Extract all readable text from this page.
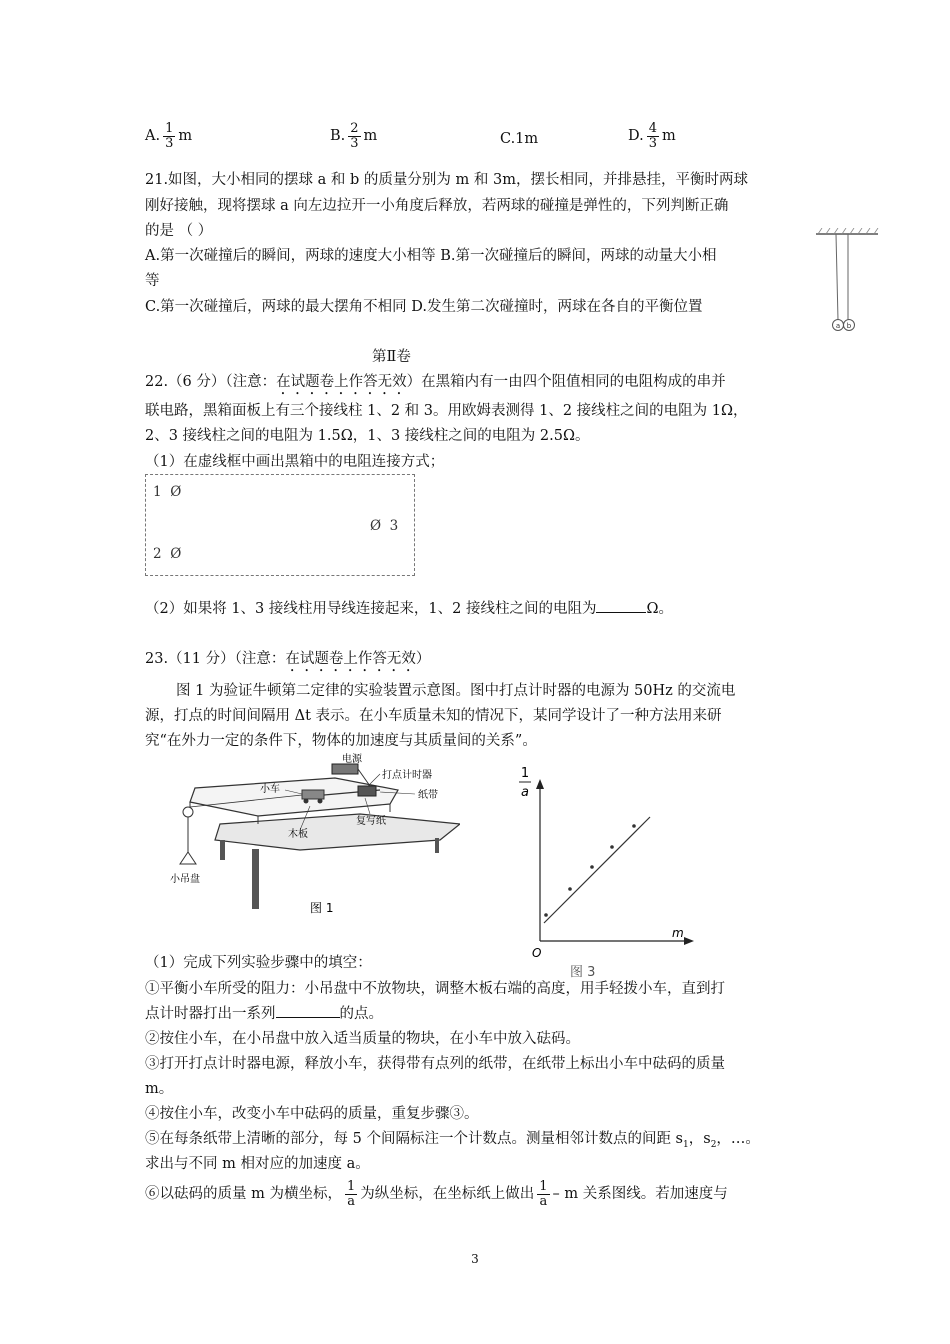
A. $\frac{1}{3}$ m	B. $\frac{2}{3}$ m	C.1m	D. $\frac{4}{3}$ m
21.如图，大小相同的摆球 a 和 b 的质量分别为 m 和 3m，摆长相同，并排悬挂，平衡时两球
刚好接触，现将摆球 a 向左边拉开一小角度后释放，若两球的碰撞是弹性的，下列判断正确
的是 （ ）
A.第一次碰撞后的瞬间，两球的速度大小相等 B.第一次碰撞后的瞬间，两球的动量大小相
等
C.第一次碰撞后，两球的最大摆角不相同 D.发生第二次碰撞时，两球在各自的平衡位置
a b
第Ⅱ卷
22.（6 分）（注意：在试题卷上作答无效）在黑箱内有一由四个阻值相同的电阻构成的串并
联电路，黑箱面板上有三个接线柱 1、2 和 3。用欧姆表测得 1、2 接线柱之间的电阻为 1Ω，
2、3 接线柱之间的电阻为 1.5Ω，1、3 接线柱之间的电阻为 2.5Ω。
（1）在虚线框中画出黑箱中的电阻连接方式；
1 Ø
Ø 3
2 Ø
（2）如果将 1、3 接线柱用导线连接起来，1、2 接线柱之间的电阻为	Ω。
23.（11 分）（注意：在试题卷上作答无效）
图 1 为验证牛顿第二定律的实验装置示意图。图中打点计时器的电源为 50Hz 的交流电
源，打点的时间间隔用 Δt 表示。在小车质量未知的情况下，某同学设计了一种方法用来研
究“在外力一定的条件下，物体的加速度与其质量间的关系”。
电源
打点计时器
小车
纸带
木板
复写纸
小吊盘
图 1
1
a
m
O
图 3
（1）完成下列实验步骤中的填空：
①平衡小车所受的阻力：小吊盘中不放物块，调整木板右端的高度，用手轻拨小车，直到打
点计时器打出一系列	的点。
②按住小车，在小吊盘中放入适当质量的物块，在小车中放入砝码。
③打开打点计时器电源，释放小车，获得带有点列的纸带，在纸带上标出小车中砝码的质量
m。
④按住小车，改变小车中砝码的质量，重复步骤③。
⑤在每条纸带上清晰的部分，每 5 个间隔标注一个计数点。测量相邻计数点的间距 $s_1$，$s_2$，…。
求出与不同 m 相对应的加速度 a。
⑥以砝码的质量 m 为横坐标， $\frac{1}{a}$ 为纵坐标，在坐标纸上做出 $\frac{1}{a}$ – m 关系图线。若加速度与
3
